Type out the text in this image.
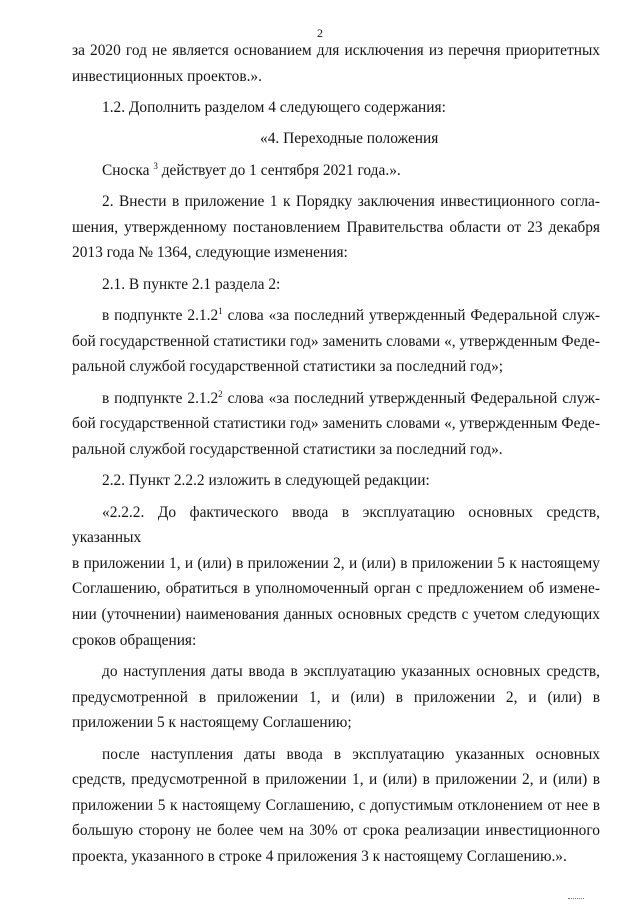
2

за 2020 год не является основанием для исключения из перечня приоритетных
инвестиционных проектов.».

1.2. Дополнить разделом 4 следующего содержания:

«4. Переходные положения

Сноска $^3$ действует до 1 сентября 2021 года.».

2. Внести в приложение 1 к Порядку заключения инвестиционного согла-
шения, утвержденному постановлением Правительства области от 23 декабря
2013 года № 1364, следующие изменения:

2.1. В пункте 2.1 раздела 2:

в подпункте 2.1.2$^1$ слова «за последний утвержденный Федеральной служ-
бой государственной статистики год» заменить словами «, утвержденным Феде-
ральной службой государственной статистики за последний год»;

в подпункте 2.1.2$^2$ слова «за последний утвержденный Федеральной служ-
бой государственной статистики год» заменить словами «, утвержденным Феде-
ральной службой государственной статистики за последний год».

2.2. Пункт 2.2.2 изложить в следующей редакции:

«2.2.2. До фактического ввода в эксплуатацию основных средств, указанных
в приложении 1, и (или) в приложении 2, и (или) в приложении 5 к настоящему
Соглашению, обратиться в уполномоченный орган с предложением об измене-
нии (уточнении) наименования данных основных средств с учетом следующих
сроков обращения:

до наступления даты ввода в эксплуатацию указанных основных средств,
предусмотренной в приложении 1, и (или) в приложении 2, и (или) в
приложении 5 к настоящему Соглашению;

после наступления даты ввода в эксплуатацию указанных основных
средств, предусмотренной в приложении 1, и (или) в приложении 2, и (или) в
приложении 5 к настоящему Соглашению, с допустимым отклонением от нее в
большую сторону не более чем на 30% от срока реализации инвестиционного
проекта, указанного в строке 4 приложения 3 к настоящему Соглашению.».
